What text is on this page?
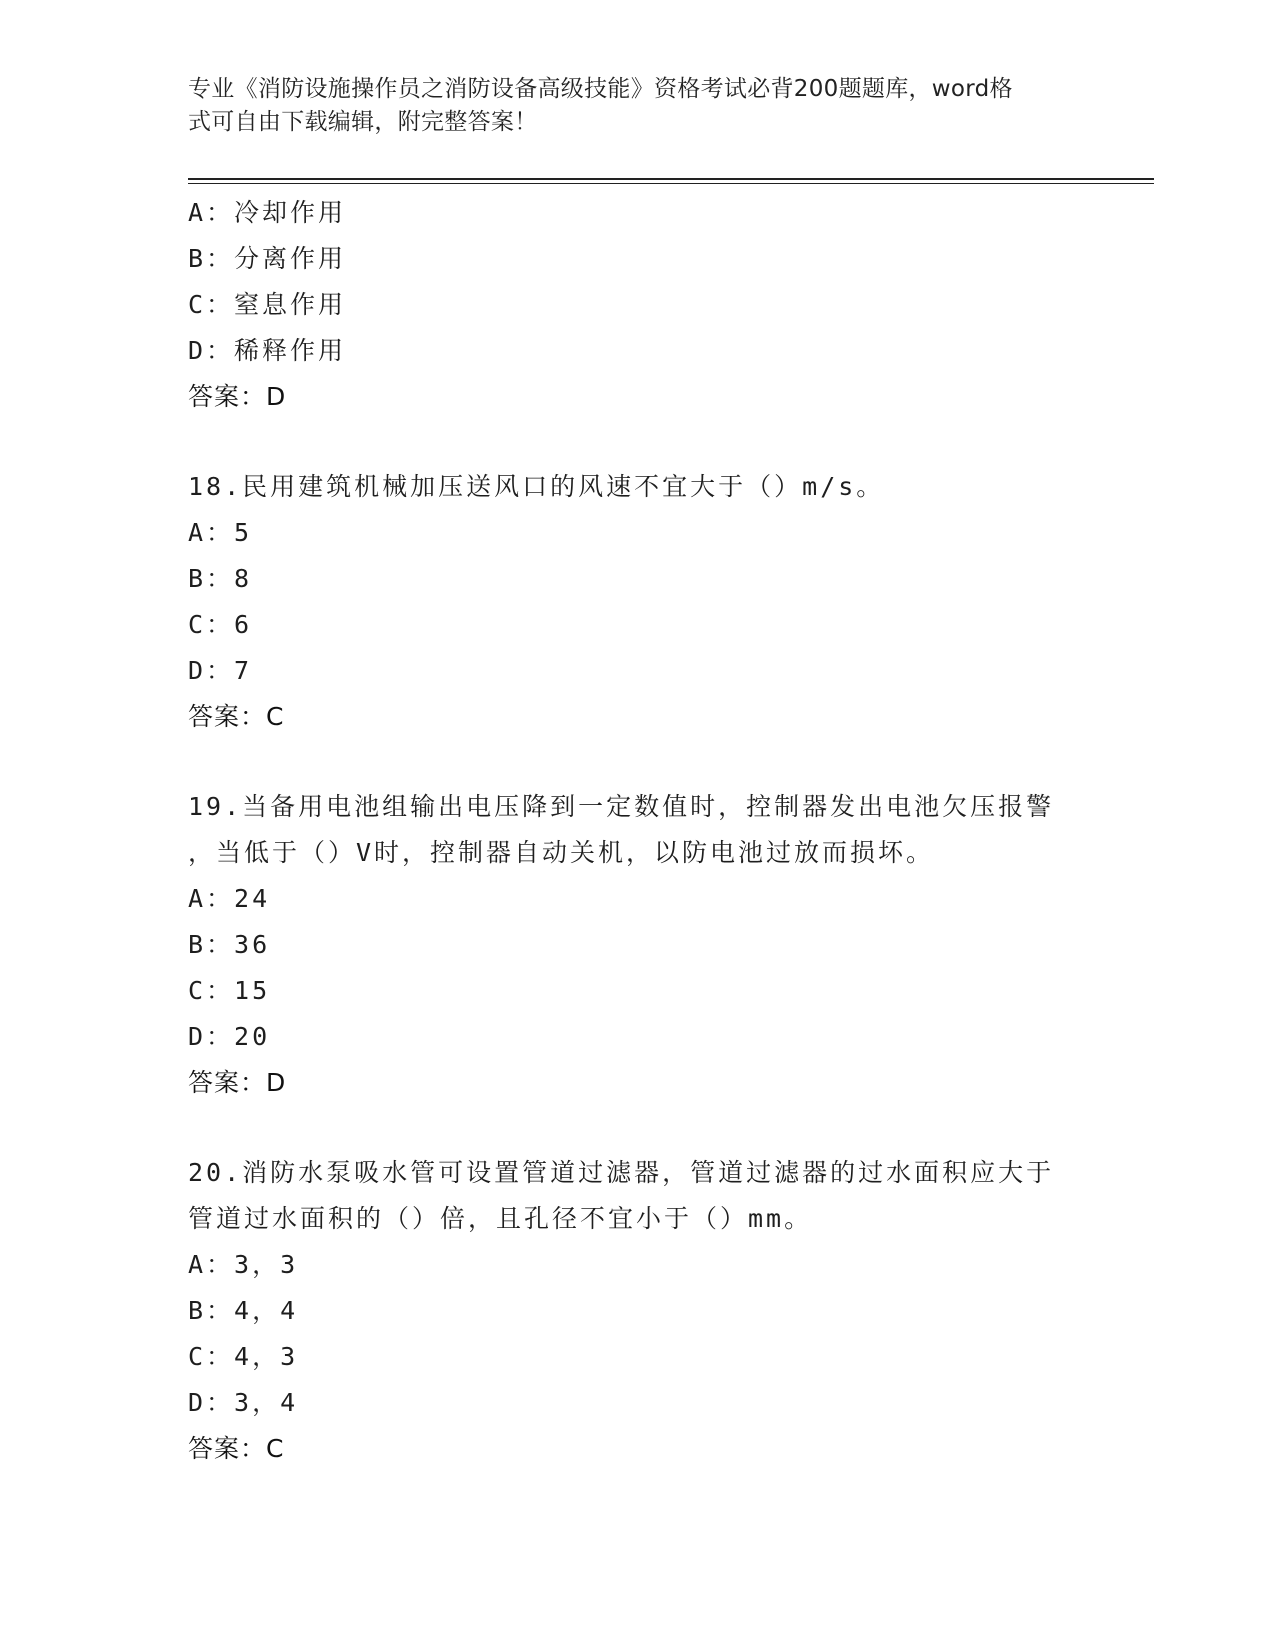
专业《消防设施操作员之消防设备高级技能》资格考试必背200题题库，word格
式可自由下载编辑，附完整答案！
A：冷却作用
B：分离作用
C：窒息作用
D：稀释作用
答案：D
18.民用建筑机械加压送风口的风速不宜大于（）m/s。
A：5
B：8
C：6
D：7
答案：C
19.当备用电池组输出电压降到一定数值时，控制器发出电池欠压报警
，当低于（）V时，控制器自动关机，以防电池过放而损坏。
A：24
B：36
C：15
D：20
答案：D
20.消防水泵吸水管可设置管道过滤器，管道过滤器的过水面积应大于
管道过水面积的（）倍，且孔径不宜小于（）mm。
A：3，3
B：4，4
C：4，3
D：3，4
答案：C
